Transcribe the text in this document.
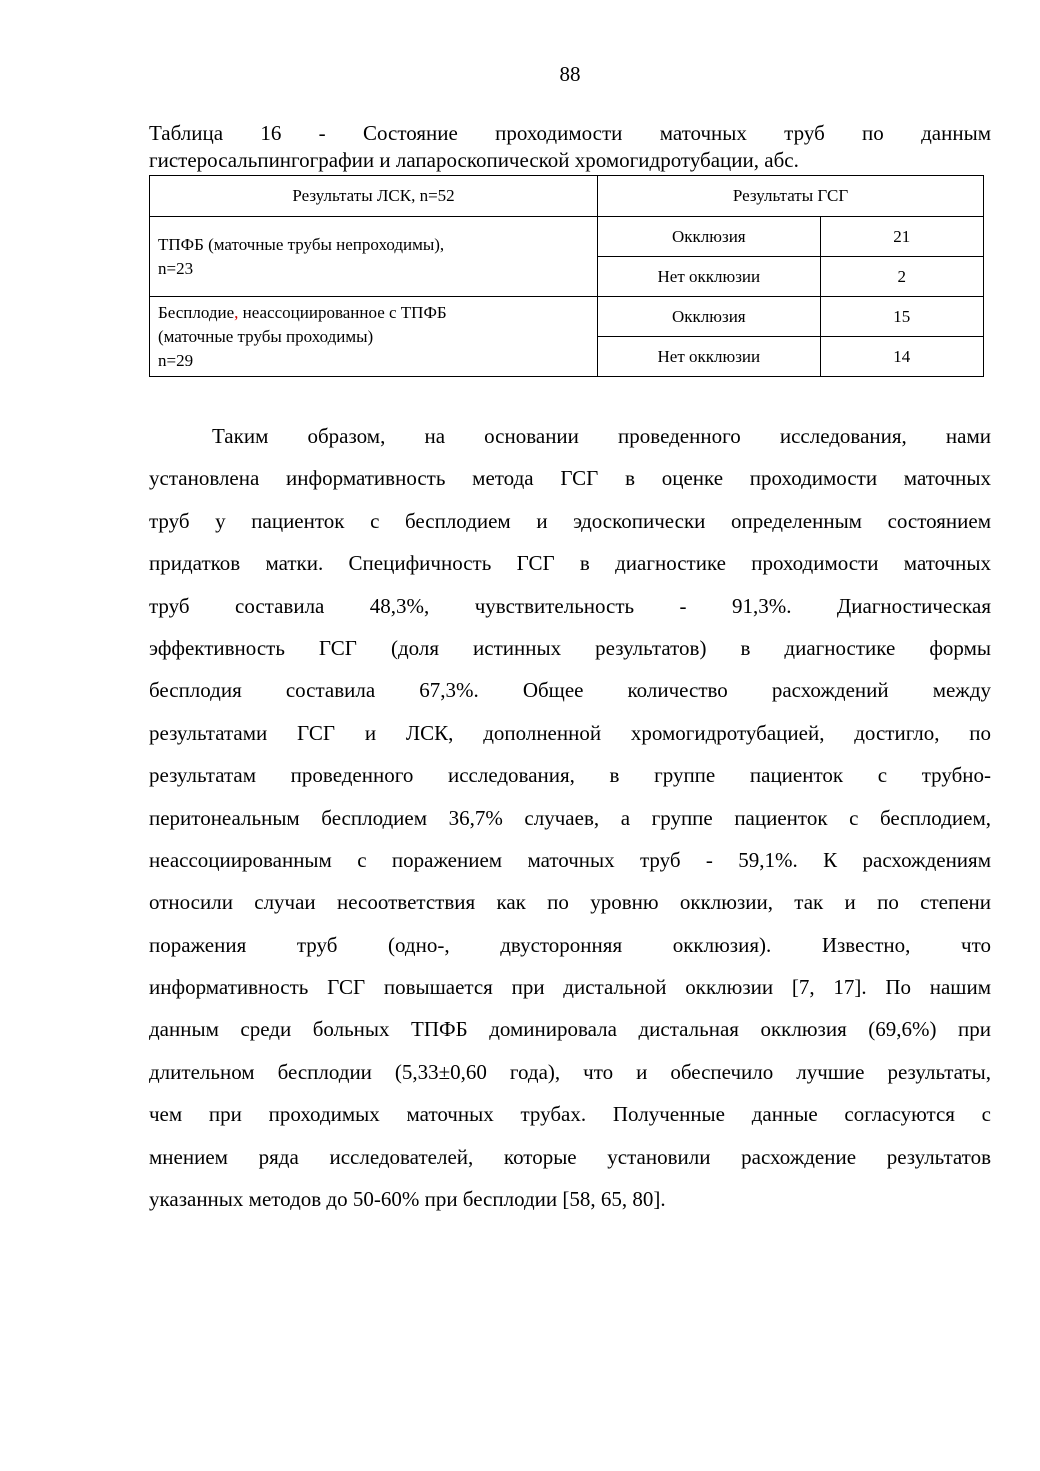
88
Таблица 16 - Состояние проходимости маточных труб по данным
гистеросальпингографии и лапароскопической хромогидротубации, абс.
Результаты ЛСК, n=52	Результаты ГСГ	

ТПФБ (маточные трубы непроходимы),
n=23	Окклюзия	21
	Нет окклюзии	2

Бесплодие, неассоциированное с ТПФБ
(маточные трубы проходимы)
n=29	Окклюзия	15
	Нет окклюзии	14
Таким образом, на основании проведенного исследования, нами
установлена информативность метода ГСГ в оценке проходимости маточных
труб у пациенток с бесплодием и эдоскопически определенным состоянием
придатков матки. Специфичность ГСГ в диагностике проходимости маточных
труб составила 48,3%, чувствительность - 91,3%. Диагностическая
эффективность ГСГ (доля истинных результатов) в диагностике формы
бесплодия составила 67,3%. Общее количество расхождений между
результатами ГСГ и ЛСК, дополненной хромогидротубацией, достигло, по
результатам проведенного исследования, в группе пациенток с трубно-
перитонеальным бесплодием 36,7% случаев, а группе пациенток с бесплодием,
неассоциированным с поражением маточных труб - 59,1%. К расхождениям
относили случаи несоответствия как по уровню окклюзии, так и по степени
поражения труб (одно-, двусторонняя окклюзия). Известно, что
информативность ГСГ повышается при дистальной окклюзии [7, 17]. По нашим
данным среди больных ТПФБ доминировала дистальная окклюзия (69,6%) при
длительном бесплодии (5,33±0,60 года), что и обеспечило лучшие результаты,
чем при проходимых маточных трубах. Полученные данные согласуются с
мнением ряда исследователей, которые установили расхождение результатов
указанных методов до 50-60% при бесплодии [58, 65, 80].
